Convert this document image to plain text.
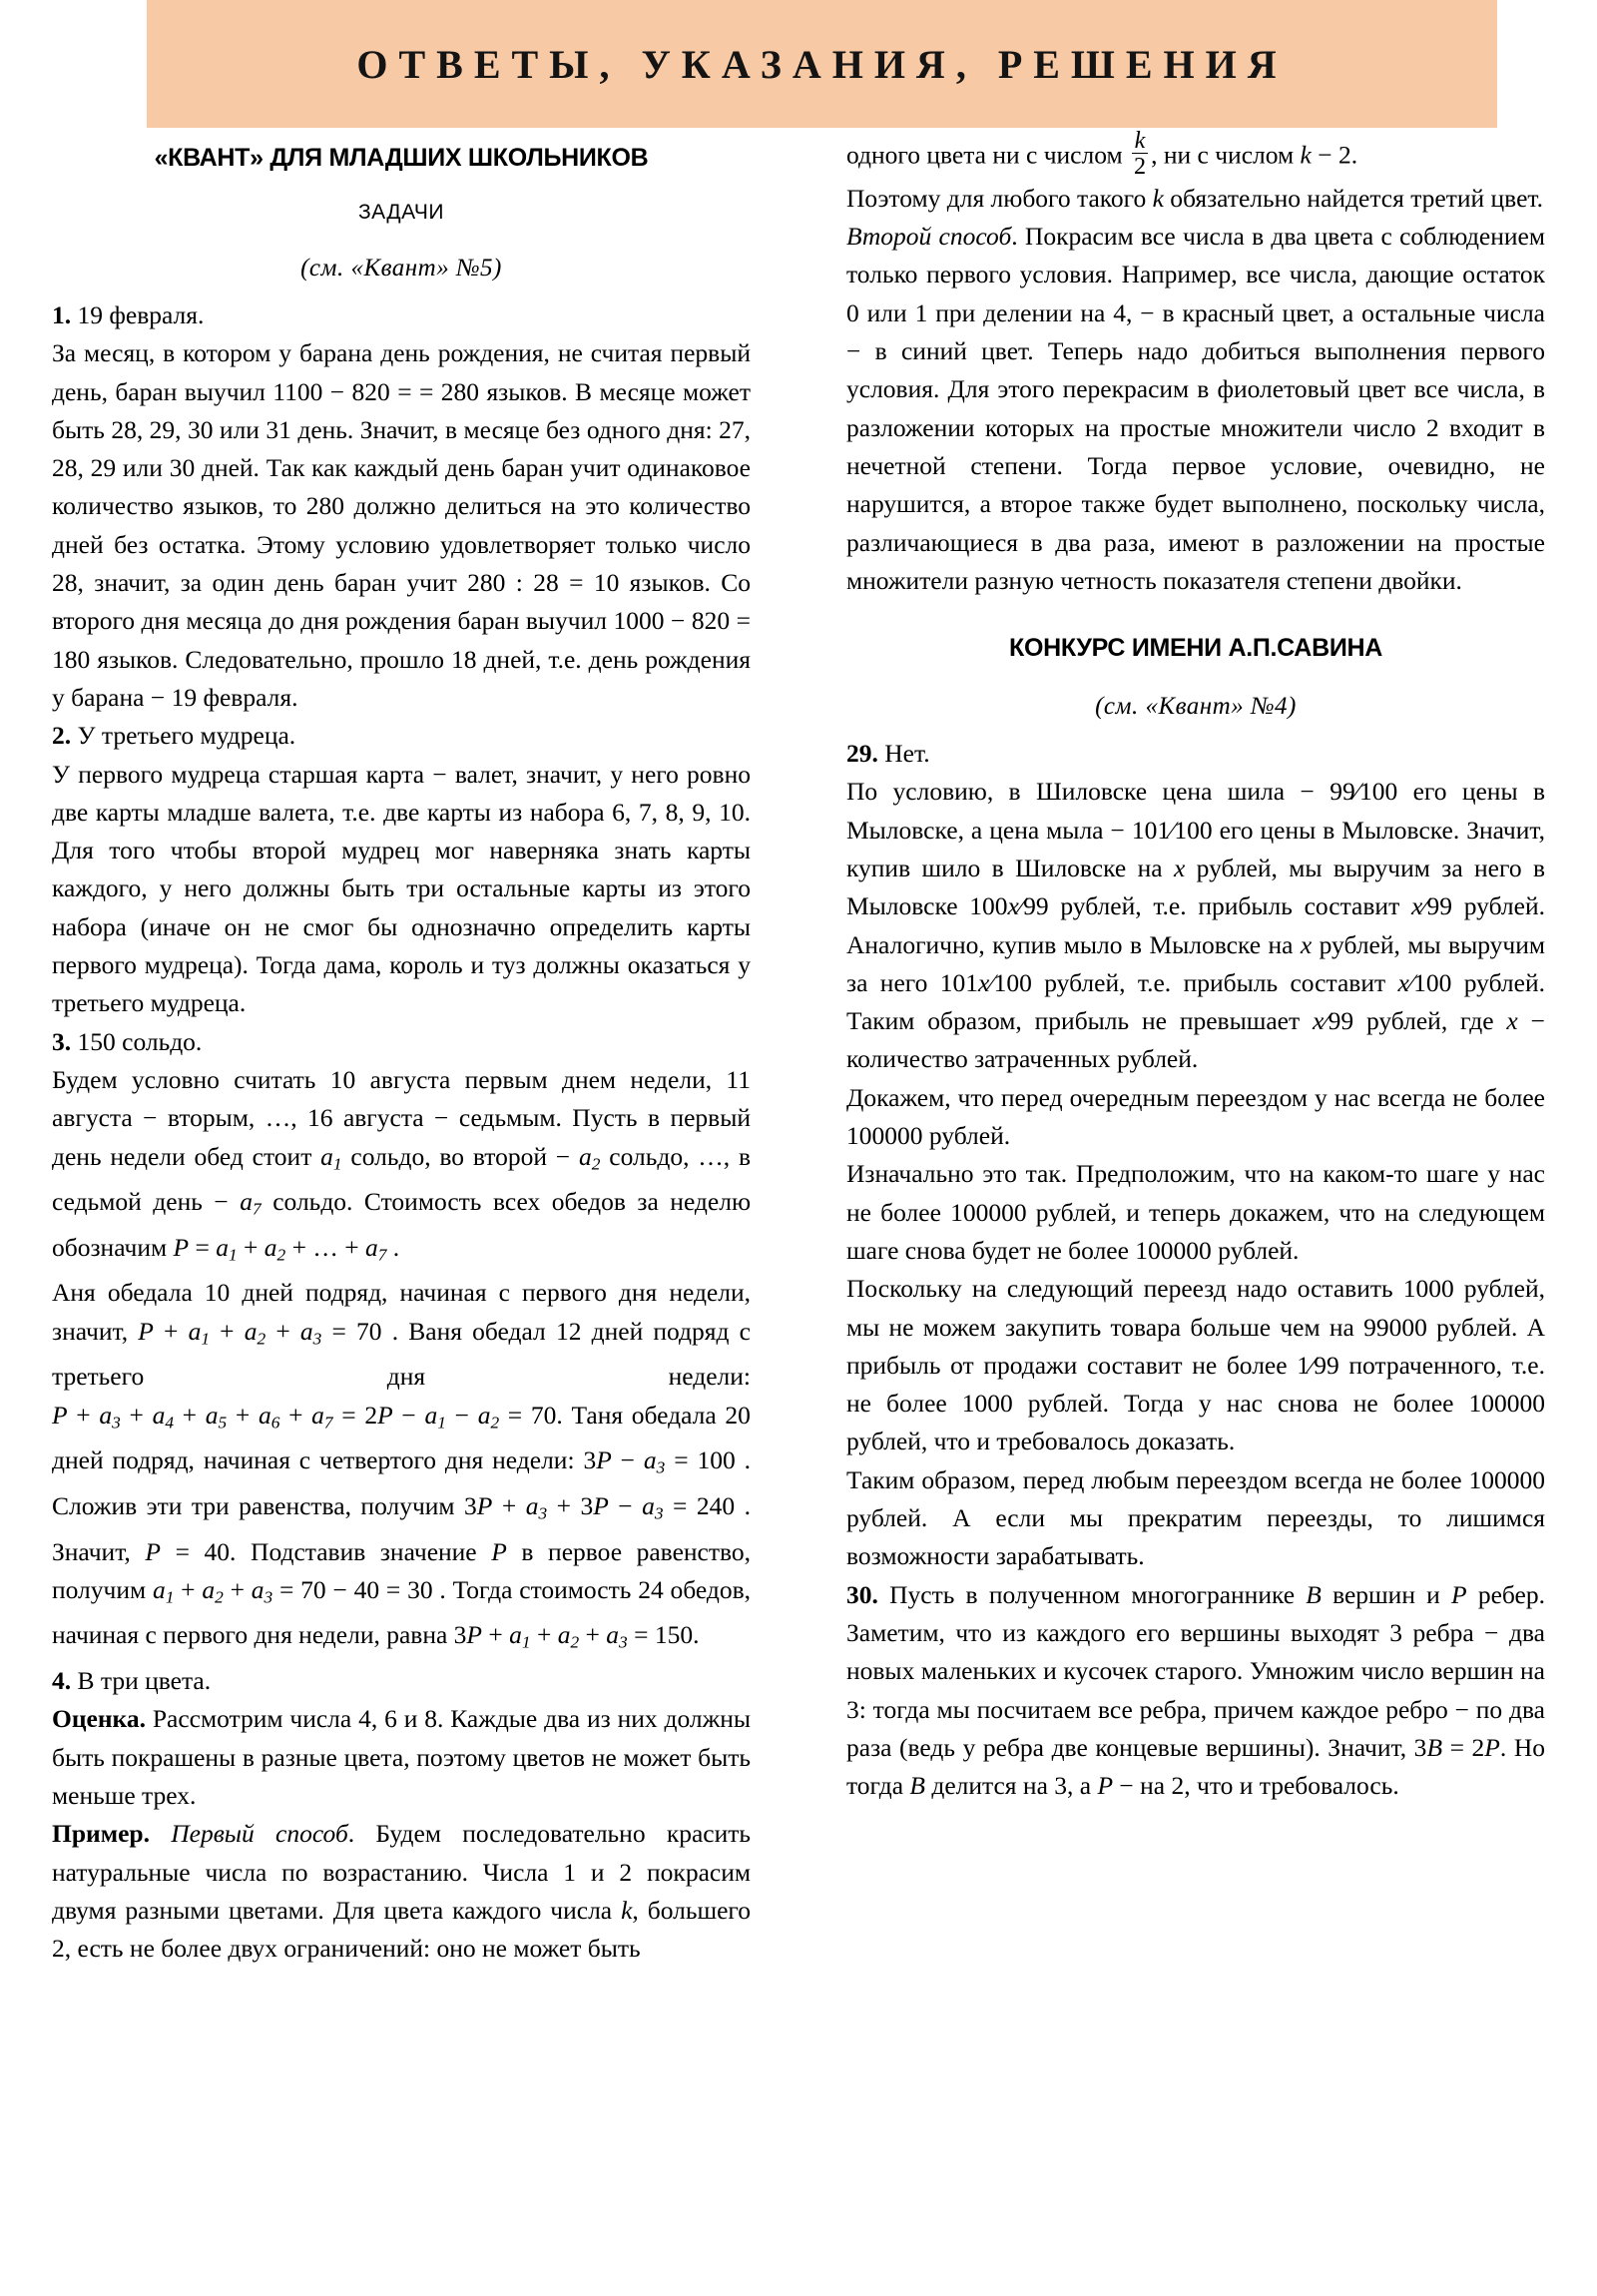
ОТВЕТЫ, УКАЗАНИЯ, РЕШЕНИЯ
«КВАНТ» ДЛЯ МЛАДШИХ ШКОЛЬНИКОВ
ЗАДАЧИ
(см. «Квант» №5)

1. 19 февраля.

За месяц, в котором у барана день рождения, не считая первый день, баран выучил 1100 − 820 = = 280 языков. В месяце может быть 28, 29, 30 или 31 день. Значит, в месяце без одного дня: 27, 28, 29 или 30 дней. Так как каждый день баран учит одинаковое количество языков, то 280 должно делиться на это количество дней без остатка. Этому условию удовлетворяет только число 28, значит, за один день баран учит 280 : 28 = 10 языков. Со второго дня месяца до дня рождения баран выучил 1000 − 820 = 180 языков. Следовательно, прошло 18 дней, т.е. день рождения у барана − 19 февраля.

2. У третьего мудреца.

У первого мудреца старшая карта − валет, значит, у него ровно две карты младше валета, т.е. две карты из набора 6, 7, 8, 9, 10. Для того чтобы второй мудрец мог наверняка знать карты каждого, у него должны быть три остальные карты из этого набора (иначе он не смог бы однозначно определить карты первого мудреца). Тогда дама, король и туз должны оказаться у третьего мудреца.

3. 150 сольдо.

Будем условно считать 10 августа первым днем недели, 11 августа − вторым, …, 16 августа − седьмым. Пусть в первый день недели обед стоит $a_1$ сольдо, во второй − $a_2$ сольдо, …, в седьмой день − $a_7$ сольдо. Стоимость всех обедов за неделю обозначим $P = a_1 + a_2$ + … + $a_7$ .

Аня обедала 10 дней подряд, начиная с первого дня недели, значит, $P + a_1 + a_2 + a_3 = 70$ . Ваня обедал 12 дней подряд с третьего дня недели: $P + a_3 + a_4 + a_5 + a_6 + a_7 = 2P - a_1 - a_2 = 70$. Таня обедала 20 дней подряд, начиная с четвертого дня недели: $3P - a_3 = 100$ . Сложив эти три равенства, получим $3P + a_3 + 3P - a_3 = 240$ . Значит, P = 40. Подставив значение P в первое равенство, получим $a_1 + a_2 + a_3 = 70 - 40 = 30$ . Тогда стоимость 24 обедов, начиная с первого дня недели, равна $3P + a_1 + a_2 + a_3 = 150$.

4. В три цвета.

Оценка. Рассмотрим числа 4, 6 и 8. Каждые два из них должны быть покрашены в разные цвета, поэтому цветов не может быть меньше трех.

Пример. Первый способ. Будем последовательно красить натуральные числа по возрастанию. Числа 1 и 2 покрасим двумя разными цветами. Для цвета каждого числа k, большего 2, есть не более двух ограничений: оно не может быть

одного цвета ни с числом $\frac{k}{2}$ , ни с числом k − 2.

Поэтому для любого такого k обязательно найдется третий цвет.

Второй способ. Покрасим все числа в два цвета с соблюдением только первого условия. Например, все числа, дающие остаток 0 или 1 при делении на 4, − в красный цвет, а остальные числа − в синий цвет. Теперь надо добиться выполнения первого условия. Для этого перекрасим в фиолетовый цвет все числа, в разложении которых на простые множители число 2 входит в нечетной степени. Тогда первое условие, очевидно, не нарушится, а второе также будет выполнено, поскольку числа, различающиеся в два раза, имеют в разложении на простые множители разную четность показателя степени двойки.

КОНКУРС ИМЕНИ А.П.САВИНА
(см. «Квант» №4)

29. Нет.

По условию, в Шиловске цена шила − 99⁄100 его цены в Мыловске, а цена мыла − 101⁄100 его цены в Мыловске. Значит, купив шило в Шиловске на x рублей, мы выручим за него в Мыловске 100x⁄99 рублей, т.е. прибыль составит x⁄99 рублей. Аналогично, купив мыло в Мыловске на x рублей, мы выручим за него 101x⁄100 рублей, т.е. прибыль составит x⁄100 рублей. Таким образом, прибыль не превышает x⁄99 рублей, где x − количество затраченных рублей.

Докажем, что перед очередным переездом у нас всегда не более 100000 рублей.

Изначально это так. Предположим, что на каком-то шаге у нас не более 100000 рублей, и теперь докажем, что на следующем шаге снова будет не более 100000 рублей.

Поскольку на следующий переезд надо оставить 1000 рублей, мы не можем закупить товара больше чем на 99000 рублей. А прибыль от продажи составит не более 1⁄99 потраченного, т.е. не более 1000 рублей. Тогда у нас снова не более 100000 рублей, что и требовалось доказать.

Таким образом, перед любым переездом всегда не более 100000 рублей. А если мы прекратим переезды, то лишимся возможности зарабатывать.

30. Пусть в полученном многограннике B вершин и P ребер. Заметим, что из каждого его вершины выходят 3 ребра − два новых маленьких и кусочек старого. Умножим число вершин на 3: тогда мы посчитаем все ребра, причем каждое ребро − по два раза (ведь у ребра две концевые вершины). Значит, 3B = 2P. Но тогда B делится на 3, а P − на 2, что и требовалось.
